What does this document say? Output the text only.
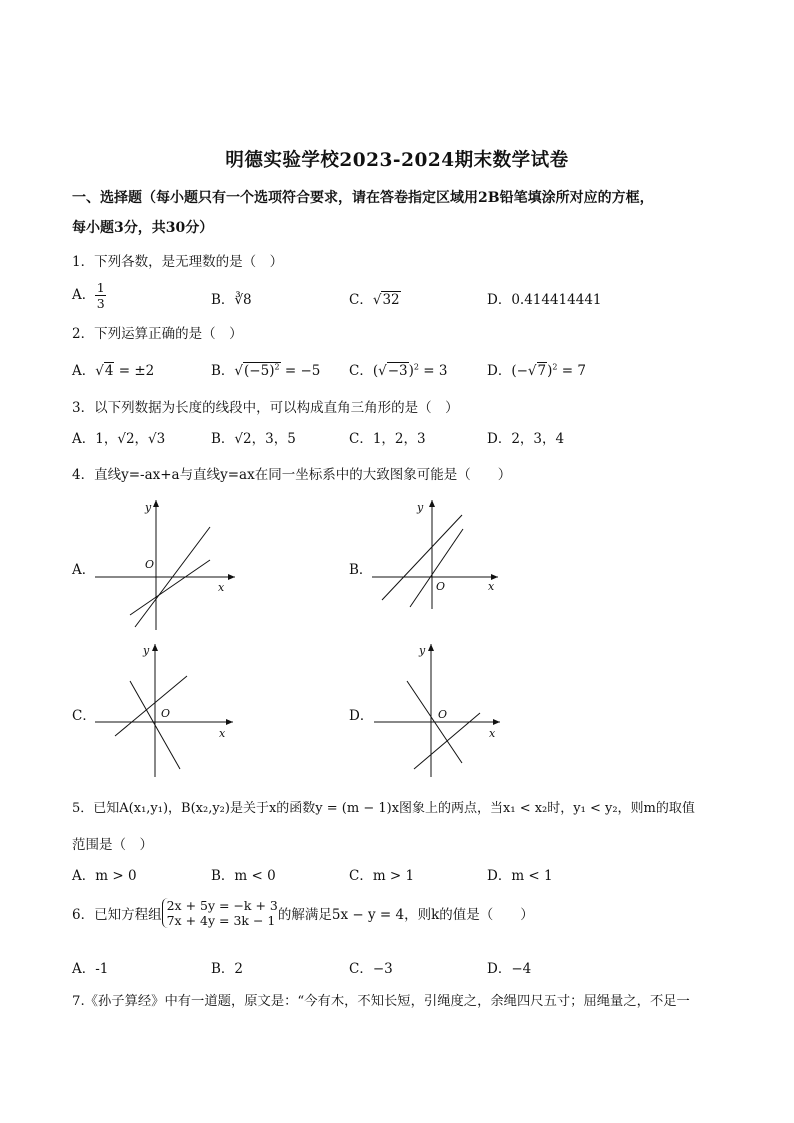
明德实验学校2023-2024期末数学试卷
一、选择题（每小题只有一个选项符合要求，请在答卷指定区域用2B铅笔填涂所对应的方框，
每小题3分，共30分）
1．下列各数，是无理数的是（　）
A． $\frac{1}{3}$	B．∛8	C．√32	D．0.414414441
2．下列运算正确的是（　）
A．√4 = ±2	B．$√(-5)^2 = -5$ C．$(√-3)^2 = 3$	D．$(-√7)^2 = 7$
3．以下列数据为长度的线段中，可以构成直角三角形的是（　）
A．1，√2，√3	B．√2，3，5	C．1，2，3	D．2，3，4
4．直线y=-ax+a与直线y=ax在同一坐标系中的大致图象可能是（　　）
A．
y
x
O	B．
y
x
O
C．
y
x
O	D．
y
x
O
5．已知A(x₁,y₁)，B(x₂,y₂)是关于x的函数y = (m − 1)x图象上的两点，当x₁ < x₂时，y₁ < y₂，则m的取值
范围是（　）
A．m > 0	B．m < 0	C．m > 1	D．m < 1
6．已知方程组
2x + 5y = −k + 3
7x + 4y = 3k − 1 的解满足5x − y = 4，则k的值是（　　）
A．-1	B．2	C．−3	D．−4
7.《孙子算经》中有一道题，原文是：“今有木，不知长短，引绳度之，余绳四尺五寸；屈绳量之，不足一
